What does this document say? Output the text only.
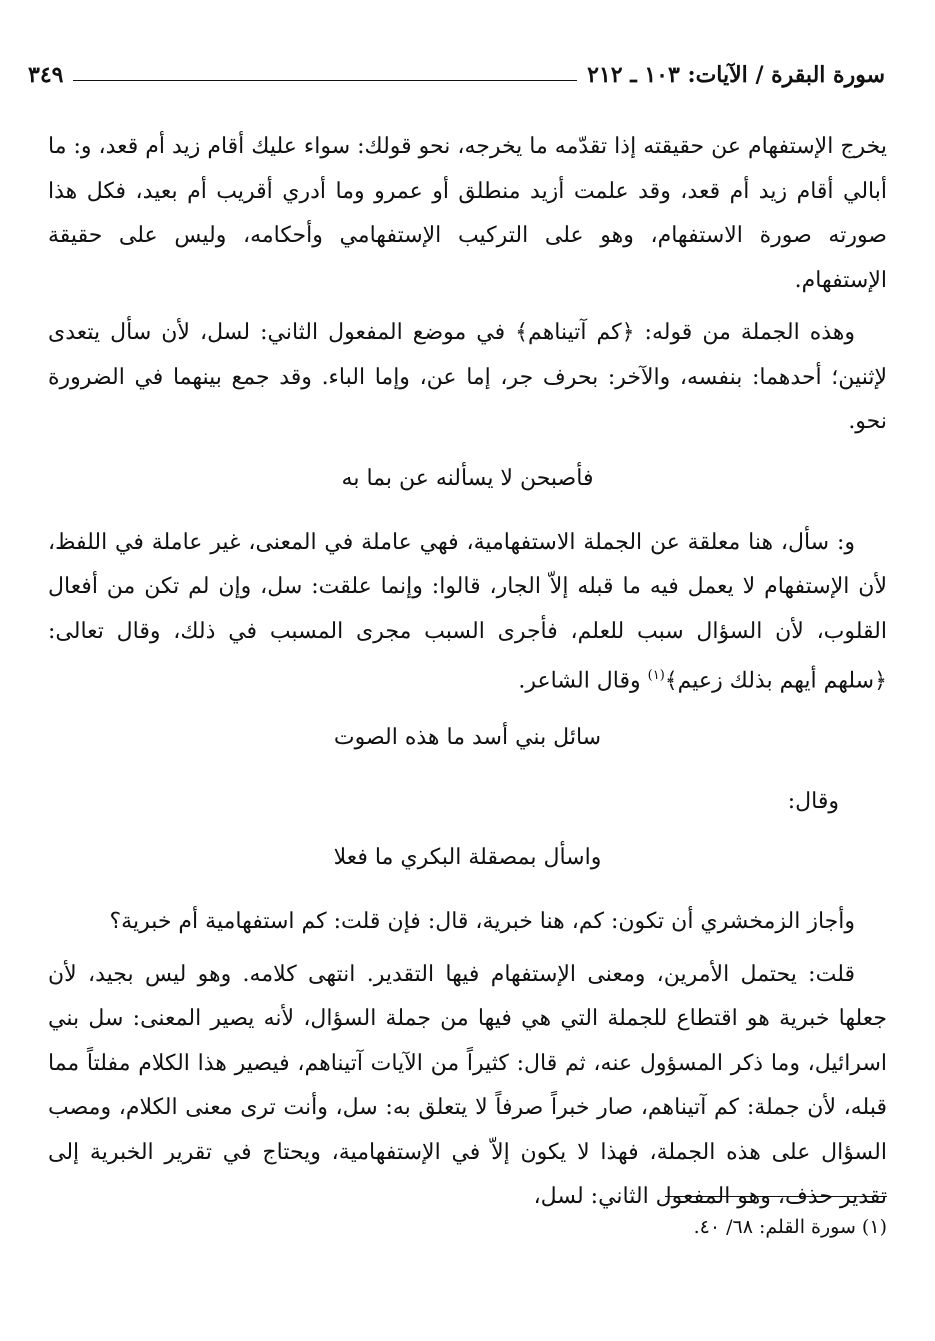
سورة البقرة / الآيات: ١٠٣ ـ ٢١٢
٣٤٩

يخرج الإستفهام عن حقيقته إذا تقدّمه ما يخرجه، نحو قولك: سواء عليك أقام زيد أم قعد، و: ما أبالي أقام زيد أم قعد، وقد علمت أزيد منطلق أو عمرو وما أدري أقريب أم بعيد، فكل هذا صورته صورة الاستفهام، وهو على التركيب الإستفهامي وأحكامه، وليس على حقيقة الإستفهام.

وهذه الجملة من قوله: ﴿كم آتيناهم﴾ في موضع المفعول الثاني: لسل، لأن سأل يتعدى لإثنين؛ أحدهما: بنفسه، والآخر: بحرف جر، إما عن، وإما الباء. وقد جمع بينهما في الضرورة نحو.

فأصبحن لا يسألنه عن بما به

و: سأل، هنا معلقة عن الجملة الاستفهامية، فهي عاملة في المعنى، غير عاملة في اللفظ، لأن الإستفهام لا يعمل فيه ما قبله إلاّ الجار، قالوا: وإنما علقت: سل، وإن لم تكن من أفعال القلوب، لأن السؤال سبب للعلم، فأجرى السبب مجرى المسبب في ذلك، وقال تعالى: ﴿سلهم أيهم بذلك زعيم﴾$^{(١)}$ وقال الشاعر.

سائل بني أسد ما هذه الصوت
وقال:
واسأل بمصقلة البكري ما فعلا

وأجاز الزمخشري أن تكون: كم، هنا خبرية، قال: فإن قلت: كم استفهامية أم خبرية؟

قلت: يحتمل الأمرين، ومعنى الإستفهام فيها التقدير. انتهى كلامه. وهو ليس بجيد، لأن جعلها خبرية هو اقتطاع للجملة التي هي فيها من جملة السؤال، لأنه يصير المعنى: سل بني اسرائيل، وما ذكر المسؤول عنه، ثم قال: كثيراً من الآيات آتيناهم، فيصير هذا الكلام مفلتاً مما قبله، لأن جملة: كم آتيناهم، صار خبراً صرفاً لا يتعلق به: سل، وأنت ترى معنى الكلام، ومصب السؤال على هذه الجملة، فهذا لا يكون إلاّ في الإستفهامية، ويحتاج في تقرير الخبرية إلى تقدير حذف، وهو المفعول الثاني: لسل،

(١) سورة القلم: ٦٨/ ٤٠.
